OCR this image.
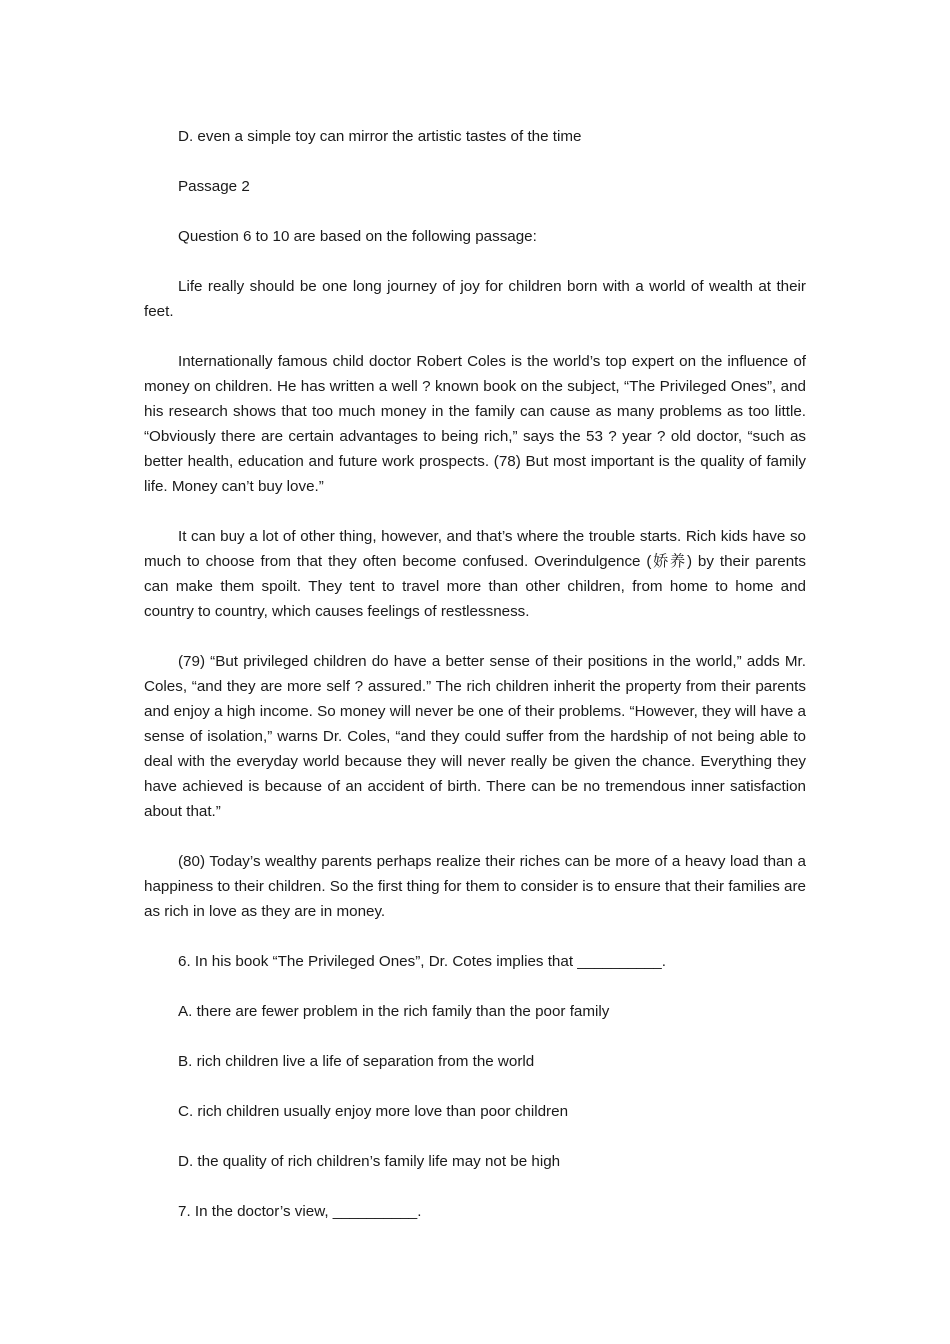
D. even a simple toy can mirror the artistic tastes of the time

Passage 2

Question 6 to 10 are based on the following passage:

Life really should be one long journey of joy for children born with a world of wealth at their feet.

Internationally famous child doctor Robert Coles is the world’s top expert on the influence of money on children. He has written a well ? known book on the subject, “The Privileged Ones”, and his research shows that too much money in the family can cause as many problems as too little. “Obviously there are certain advantages to being rich,” says the 53 ? year ? old doctor, “such as better health, education and future work prospects. (78) But most important is the quality of family life. Money can’t buy love.”

It can buy a lot of other thing, however, and that’s where the trouble starts. Rich kids have so much to choose from that they often become confused. Overindulgence (娇养) by their parents can make them spoilt. They tent to travel more than other children, from home to home and country to country, which causes feelings of restlessness.

(79) “But privileged children do have a better sense of their positions in the world,” adds Mr. Coles, “and they are more self ? assured.” The rich children inherit the property from their parents and enjoy a high income. So money will never be one of their problems. “However, they will have a sense of isolation,” warns Dr. Coles, “and they could suffer from the hardship of not being able to deal with the everyday world because they will never really be given the chance. Everything they have achieved is because of an accident of birth. There can be no tremendous inner satisfaction about that.”

(80) Today’s wealthy parents perhaps realize their riches can be more of a heavy load than a happiness to their children. So the first thing for them to consider is to ensure that their families are as rich in love as they are in money.

6. In his book “The Privileged Ones”, Dr. Cotes implies that __________.

A. there are fewer problem in the rich family than the poor family

B. rich children live a life of separation from the world

C. rich children usually enjoy more love than poor children

D. the quality of rich children’s family life may not be high

7. In the doctor’s view, __________.
